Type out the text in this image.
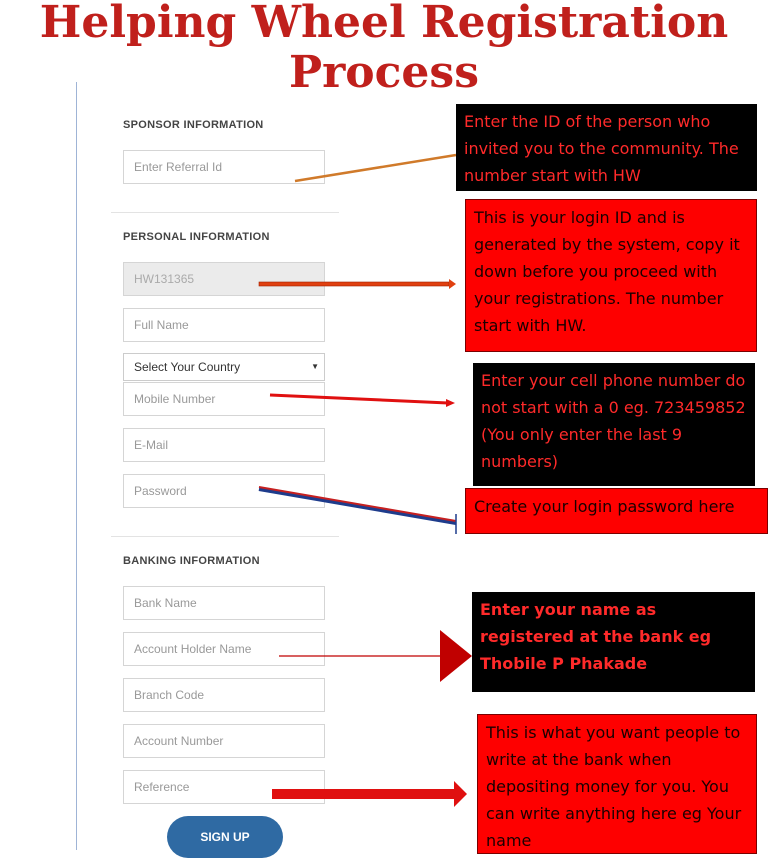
Helping Wheel Registration
Process
SPONSOR INFORMATION
Enter Referral Id
PERSONAL INFORMATION
HW131365
Full Name
Select Your Country	▼
Mobile Number
E-Mail
Password
BANKING INFORMATION
Bank Name
Account Holder Name
Branch Code
Account Number
Reference
SIGN UP
Enter the ID of the person who invited you to the community. The number start with HW
This is your login ID and is generated by the system, copy it down before you proceed with your registrations. The number start with HW.
Enter your cell phone number do not start with a 0 eg. 723459852 (You only enter the last 9 numbers)
Create your login password here
Enter your name as registered at the bank eg Thobile P Phakade
This is what you want people to write at the bank when depositing money for you. You can write anything here eg Your name
